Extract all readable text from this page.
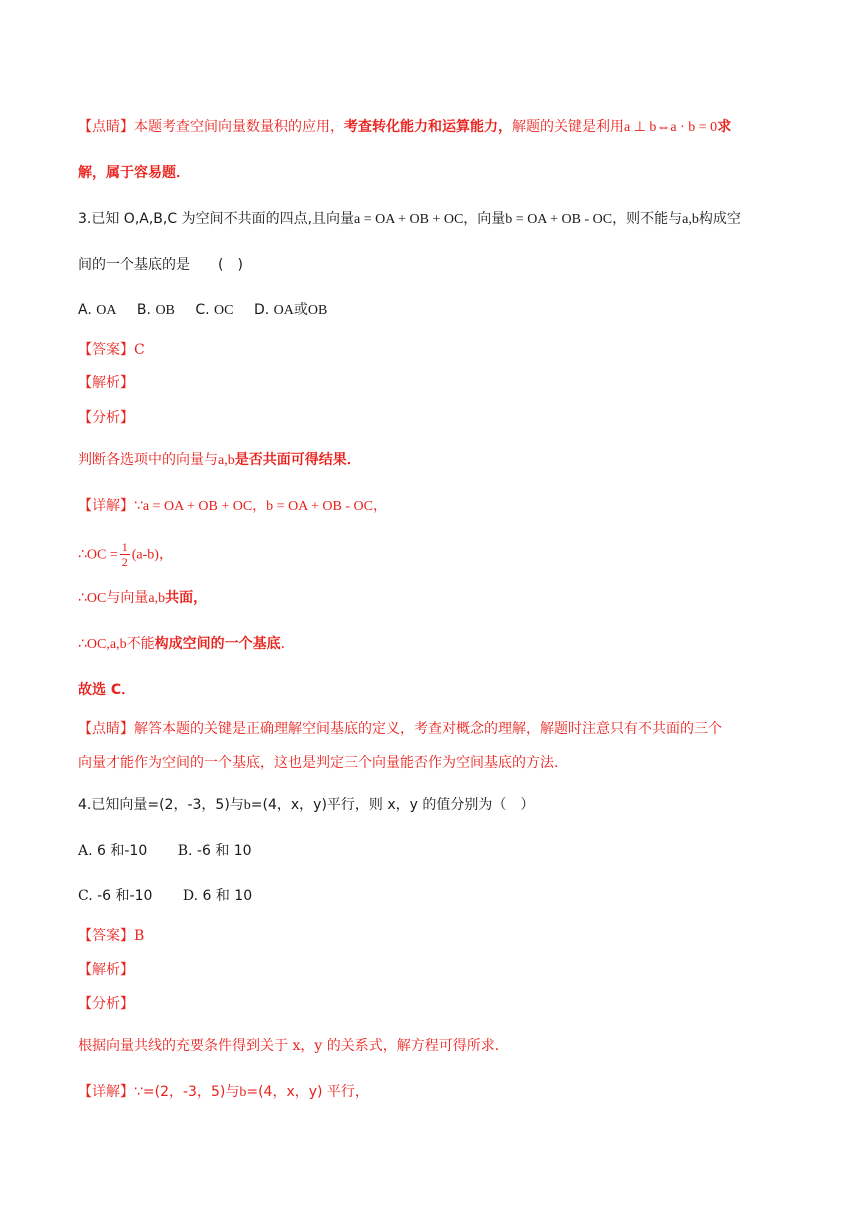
【点睛】本题考查空间向量数量积的应用，考查转化能力和运算能力，解题的关键是利用a ⊥ b⇔a · b = 0求
解，属于容易题．
3.已知 O,A,B,C 为空间不共面的四点,且向量a = OA + OB + OC，向量b = OA + OB - OC，则不能与a,b构成空
间的一个基底的是　　(　)
A. OA B. OB C. OC D. OA或OB
【答案】C
【解析】
【分析】
判断各选项中的向量与a,b是否共面可得结果．
【详解】∵a = OA + OB + OC，b = OA + OB - OC，
∴OC = $\frac{1}{2} (a-b)$，
∴OC与向量a,b共面，
∴OC,a,b不能构成空间的一个基底．
故选 C．
【点睛】解答本题的关键是正确理解空间基底的定义，考查对概念的理解，解题时注意只有不共面的三个
向量才能作为空间的一个基底，这也是判定三个向量能否作为空间基底的方法.
4.已知向量=(2，-3，5)与b=(4，x，y)平行，则 x，y 的值分别为（　）
A. 6 和-10 B. -6 和 10
C. -6 和-10 D. 6 和 10
【答案】B
【解析】
【分析】
根据向量共线的充要条件得到关于 x，y 的关系式，解方程可得所求．
【详解】∵=(2，-3，5)与b=(4，x，y) 平行，
